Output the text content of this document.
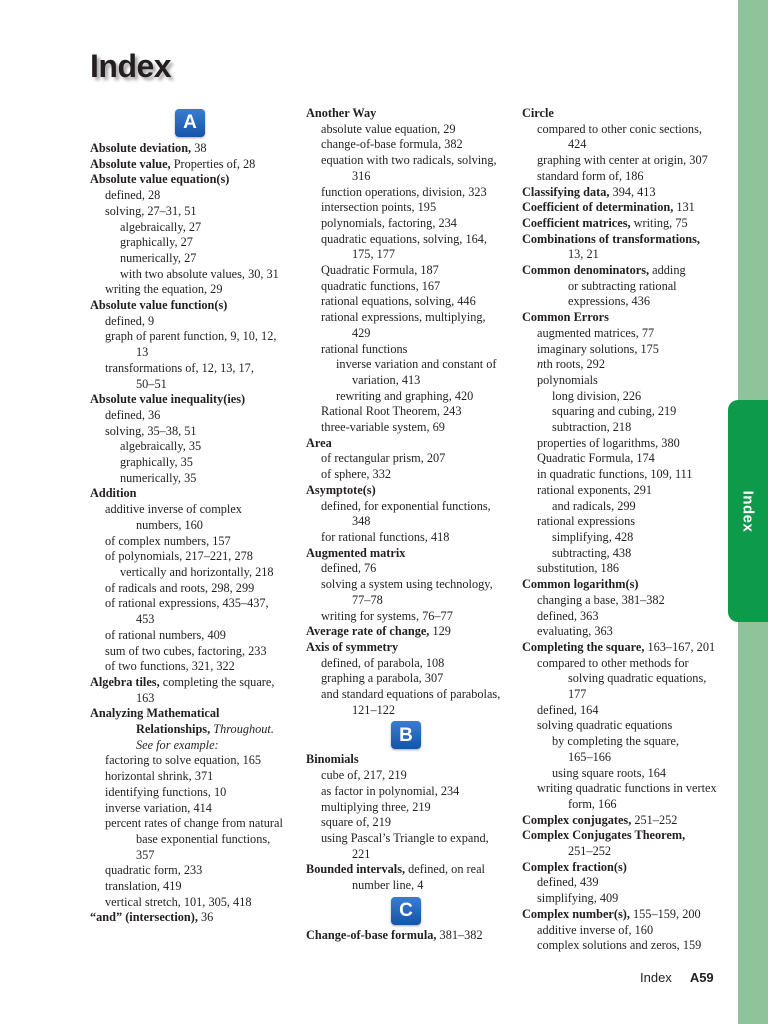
Index
Index
A
Absolute deviation, 38
Absolute value, Properties of, 28
Absolute value equation(s)
defined, 28
solving, 27–31, 51
algebraically, 27
graphically, 27
numerically, 27
with two absolute values, 30, 31
writing the equation, 29
Absolute value function(s)
defined, 9
graph of parent function, 9, 10, 12,
13
transformations of, 12, 13, 17,
50–51
Absolute value inequality(ies)
defined, 36
solving, 35–38, 51
algebraically, 35
graphically, 35
numerically, 35
Addition
additive inverse of complex
numbers, 160
of complex numbers, 157
of polynomials, 217–221, 278
vertically and horizontally, 218
of radicals and roots, 298, 299
of rational expressions, 435–437,
453
of rational numbers, 409
sum of two cubes, factoring, 233
of two functions, 321, 322
Algebra tiles, completing the square,
163
Analyzing Mathematical
Relationships, Throughout.
See for example:
factoring to solve equation, 165
horizontal shrink, 371
identifying functions, 10
inverse variation, 414
percent rates of change from natural
base exponential functions,
357
quadratic form, 233
translation, 419
vertical stretch, 101, 305, 418
“and” (intersection), 36
Another Way
absolute value equation, 29
change-of-base formula, 382
equation with two radicals, solving,
316
function operations, division, 323
intersection points, 195
polynomials, factoring, 234
quadratic equations, solving, 164,
175, 177
Quadratic Formula, 187
quadratic functions, 167
rational equations, solving, 446
rational expressions, multiplying,
429
rational functions
inverse variation and constant of
variation, 413
rewriting and graphing, 420
Rational Root Theorem, 243
three-variable system, 69
Area
of rectangular prism, 207
of sphere, 332
Asymptote(s)
defined, for exponential functions,
348
for rational functions, 418
Augmented matrix
defined, 76
solving a system using technology,
77–78
writing for systems, 76–77
Average rate of change, 129
Axis of symmetry
defined, of parabola, 108
graphing a parabola, 307
and standard equations of parabolas,
121–122
B
Binomials
cube of, 217, 219
as factor in polynomial, 234
multiplying three, 219
square of, 219
using Pascal’s Triangle to expand,
221
Bounded intervals, defined, on real
number line, 4
C
Change-of-base formula, 381–382
Circle
compared to other conic sections,
424
graphing with center at origin, 307
standard form of, 186
Classifying data, 394, 413
Coefficient of determination, 131
Coefficient matrices, writing, 75
Combinations of transformations,
13, 21
Common denominators, adding
or subtracting rational
expressions, 436
Common Errors
augmented matrices, 77
imaginary solutions, 175
nth roots, 292
polynomials
long division, 226
squaring and cubing, 219
subtraction, 218
properties of logarithms, 380
Quadratic Formula, 174
in quadratic functions, 109, 111
rational exponents, 291
and radicals, 299
rational expressions
simplifying, 428
subtracting, 438
substitution, 186
Common logarithm(s)
changing a base, 381–382
defined, 363
evaluating, 363
Completing the square, 163–167, 201
compared to other methods for
solving quadratic equations,
177
defined, 164
solving quadratic equations
by completing the square,
165–166
using square roots, 164
writing quadratic functions in vertex
form, 166
Complex conjugates, 251–252
Complex Conjugates Theorem,
251–252
Complex fraction(s)
defined, 439
simplifying, 409
Complex number(s), 155–159, 200
additive inverse of, 160
complex solutions and zeros, 159
Index A59
